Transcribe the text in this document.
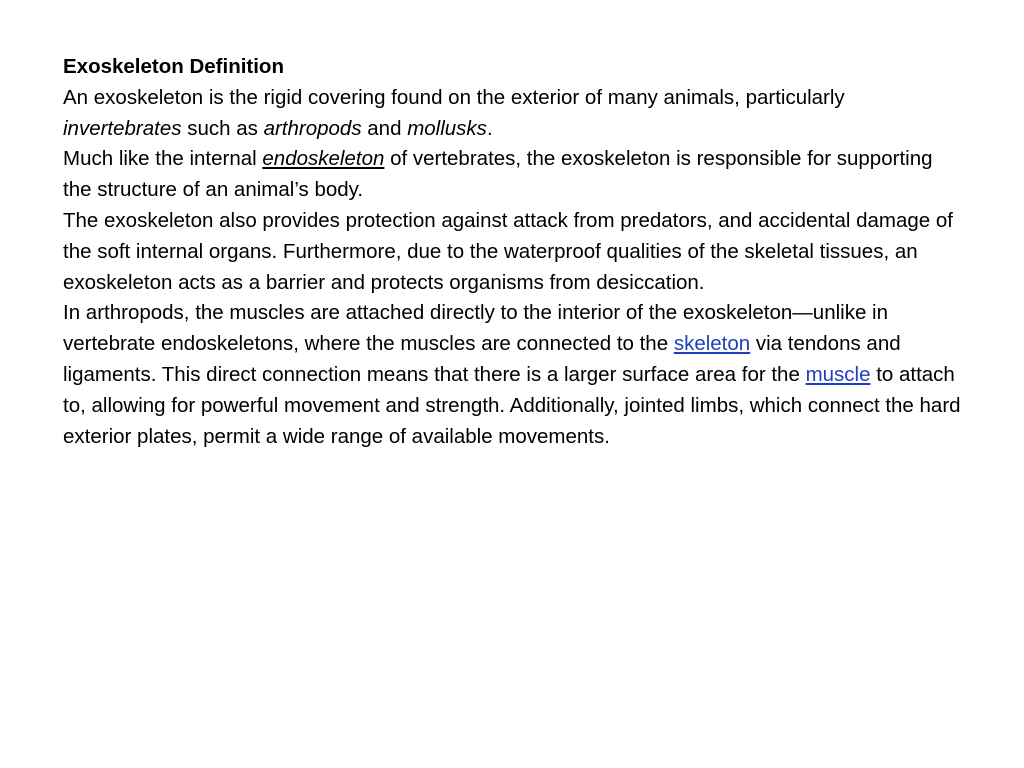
Exoskeleton Definition

An exoskeleton is the rigid covering found on the exterior of many animals, particularly invertebrates such as arthropods and mollusks.

Much like the internal endoskeleton of vertebrates, the exoskeleton is responsible for supporting the structure of an animal’s body.

The exoskeleton also provides protection against attack from predators, and accidental damage of the soft internal organs. Furthermore, due to the waterproof qualities of the skeletal tissues, an exoskeleton acts as a barrier and protects organisms from desiccation.

In arthropods, the muscles are attached directly to the interior of the exoskeleton—unlike in vertebrate endoskeletons, where the muscles are connected to the skeleton via tendons and ligaments. This direct connection means that there is a larger surface area for the muscle to attach to, allowing for powerful movement and strength. Additionally, jointed limbs, which connect the hard exterior plates, permit a wide range of available movements.
